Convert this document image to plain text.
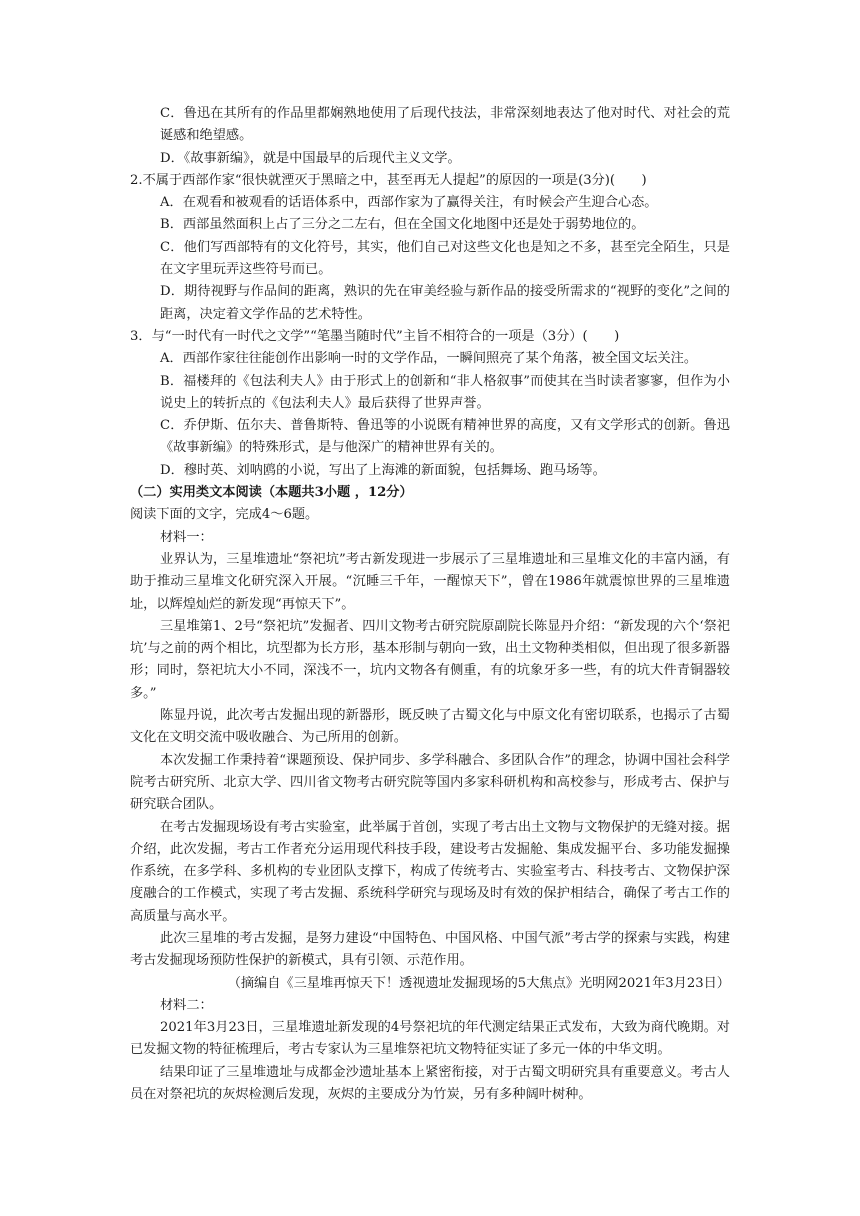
C．鲁迅在其所有的作品里都娴熟地使用了后现代技法，非常深刻地表达了他对时代、对社会的荒诞感和绝望感。

D．《故事新编》，就是中国最早的后现代主义文学。

2.不属于西部作家“很快就湮灭于黑暗之中，甚至再无人提起”的原因的一项是(3分)(　　)

A．在观看和被观看的话语体系中，西部作家为了赢得关注，有时候会产生迎合心态。

B．西部虽然面积上占了三分之二左右，但在全国文化地图中还是处于弱势地位的。

C．他们写西部特有的文化符号，其实，他们自己对这些文化也是知之不多，甚至完全陌生，只是在文字里玩弄这些符号而已。

D．期待视野与作品间的距离，熟识的先在审美经验与新作品的接受所需求的“视野的变化”之间的距离，决定着文学作品的艺术特性。

3．与“一时代有一时代之文学”“笔墨当随时代”主旨不相符合的一项是（3分）(　　)

A．西部作家往往能创作出影响一时的文学作品，一瞬间照亮了某个角落，被全国文坛关注。

B．福楼拜的《包法利夫人》由于形式上的创新和“非人格叙事”而使其在当时读者寥寥，但作为小说史上的转折点的《包法利夫人》最后获得了世界声誉。

C．乔伊斯、伍尔夫、普鲁斯特、鲁迅等的小说既有精神世界的高度，又有文学形式的创新。鲁迅《故事新编》的特殊形式，是与他深广的精神世界有关的。

D．穆时英、刘呐鸥的小说，写出了上海滩的新面貌，包括舞场、跑马场等。

（二）实用类文本阅读（本题共3小题 ，12分）

阅读下面的文字，完成4～6题。

材料一：

业界认为，三星堆遗址“祭祀坑”考古新发现进一步展示了三星堆遗址和三星堆文化的丰富内涵，有助于推动三星堆文化研究深入开展。“沉睡三千年，一醒惊天下”，曾在1986年就震惊世界的三星堆遗址，以辉煌灿烂的新发现“再惊天下”。

三星堆第1、2号“祭祀坑”发掘者、四川文物考古研究院原副院长陈显丹介绍：“新发现的六个‘祭祀坑’与之前的两个相比，坑型都为长方形，基本形制与朝向一致，出土文物种类相似，但出现了很多新器形；同时，祭祀坑大小不同，深浅不一，坑内文物各有侧重，有的坑象牙多一些，有的坑大件青铜器较多。”

陈显丹说，此次考古发掘出现的新器形，既反映了古蜀文化与中原文化有密切联系，也揭示了古蜀文化在文明交流中吸收融合、为己所用的创新。

本次发掘工作秉持着“课题预设、保护同步、多学科融合、多团队合作”的理念，协调中国社会科学院考古研究所、北京大学、四川省文物考古研究院等国内多家科研机构和高校参与，形成考古、保护与研究联合团队。

在考古发掘现场设有考古实验室，此举属于首创，实现了考古出土文物与文物保护的无缝对接。据介绍，此次发掘，考古工作者充分运用现代科技手段，建设考古发掘舱、集成发掘平台、多功能发掘操作系统，在多学科、多机构的专业团队支撑下，构成了传统考古、实验室考古、科技考古、文物保护深度融合的工作模式，实现了考古发掘、系统科学研究与现场及时有效的保护相结合，确保了考古工作的高质量与高水平。

此次三星堆的考古发掘，是努力建设“中国特色、中国风格、中国气派”考古学的探索与实践，构建考古发掘现场预防性保护的新模式，具有引领、示范作用。

（摘编自《三星堆再惊天下！透视遗址发掘现场的5大焦点》光明网2021年3月23日）

材料二：

2021年3月23日，三星堆遗址新发现的4号祭祀坑的年代测定结果正式发布，大致为商代晚期。对已发掘文物的特征梳理后，考古专家认为三星堆祭祀坑文物特征实证了多元一体的中华文明。

结果印证了三星堆遗址与成都金沙遗址基本上紧密衔接，对于古蜀文明研究具有重要意义。考古人员在对祭祀坑的灰烬检测后发现，灰烬的主要成分为竹炭，另有多种阔叶树种。
